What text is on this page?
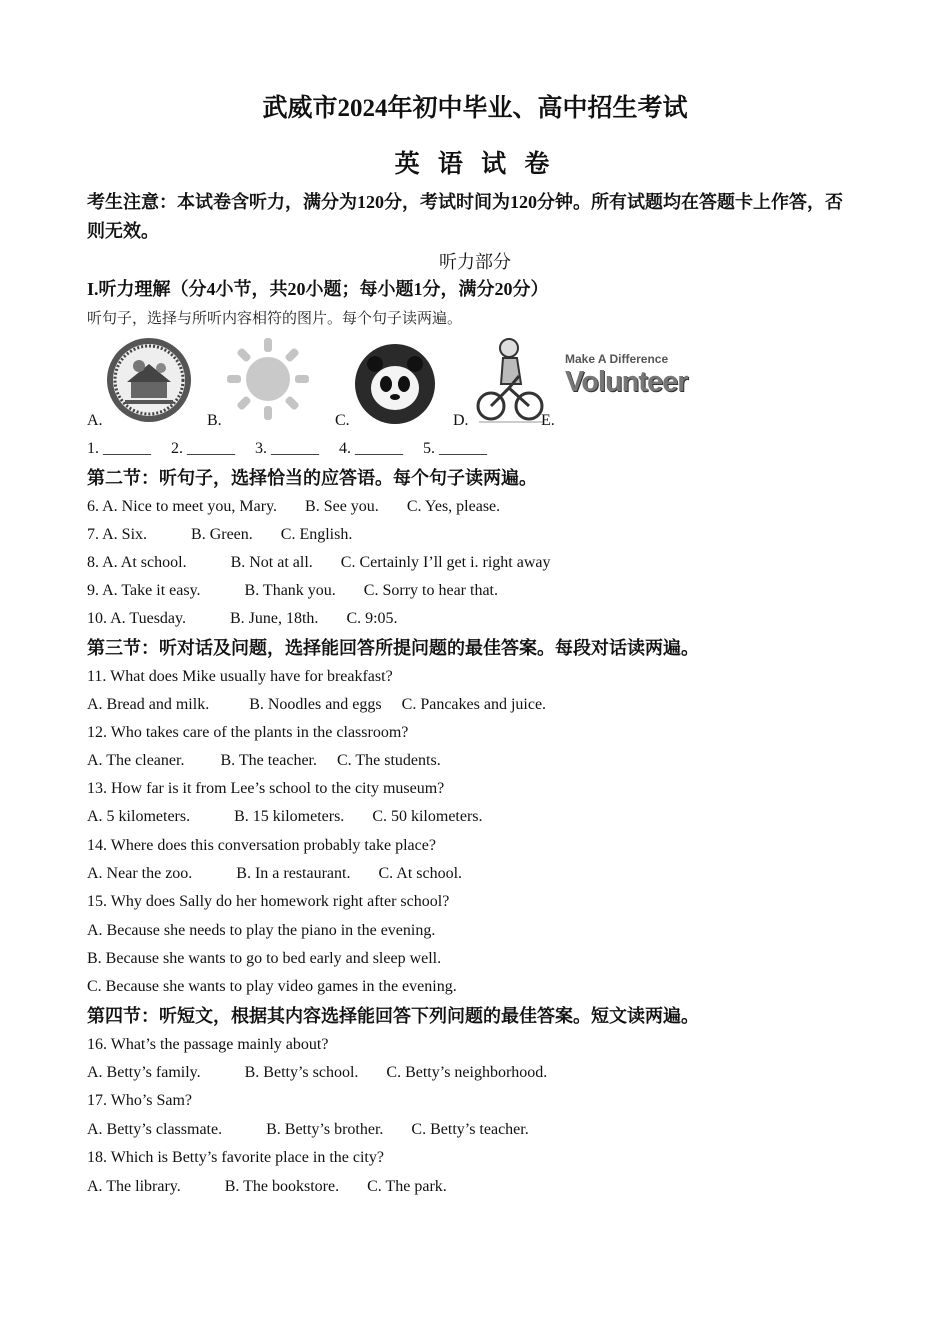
武威市2024年初中毕业、高中招生考试
英 语 试 卷
考生注意：本试卷含听力，满分为120分，考试时间为120分钟。所有试题均在答题卡上作答，否则无效。
听力部分
I.听力理解（分4小节，共20小题；每小题1分，满分20分）
听句子，选择与所听内容相符的图片。每个句子读两遍。
A.	B.	C.	D.	E.
Make A Difference
Volunteer
1. ______ 2. ______ 3. ______ 4. ______ 5. ______
第二节：听句子，选择恰当的应答语。每个句子读两遍。
6. A. Nice to meet you, Mary. B. See you. C. Yes, please.
7. A. Six.	B. Green. C. English.
8. A. At school.	B. Not at all. C. Certainly I’ll get i. right away
9. A. Take it easy.	B. Thank you. C. Sorry to hear that.
10. A. Tuesday.	B. June, 18th. C. 9:05.
第三节：听对话及问题，选择能回答所提问题的最佳答案。每段对话读两遍。
11. What does Mike usually have for breakfast?
A. Bread and milk.	B. Noodles and eggs C. Pancakes and juice.
12. Who takes care of the plants in the classroom?
A. The cleaner. B. The teacher. C. The students.
13. How far is it from Lee’s school to the city museum?
A. 5 kilometers.	B. 15 kilometers. C. 50 kilometers.
14. Where does this conversation probably take place?
A. Near the zoo.	B. In a restaurant. C. At school.
15. Why does Sally do her homework right after school?
A. Because she needs to play the piano in the evening.
B. Because she wants to go to bed early and sleep well.
C. Because she wants to play video games in the evening.
第四节：听短文，根据其内容选择能回答下列问题的最佳答案。短文读两遍。
16. What’s the passage mainly about?
A. Betty’s family.	B. Betty’s school. C. Betty’s neighborhood.
17. Who’s Sam?
A. Betty’s classmate.	B. Betty’s brother. C. Betty’s teacher.
18. Which is Betty’s favorite place in the city?
A. The library.	B. The bookstore. C. The park.
